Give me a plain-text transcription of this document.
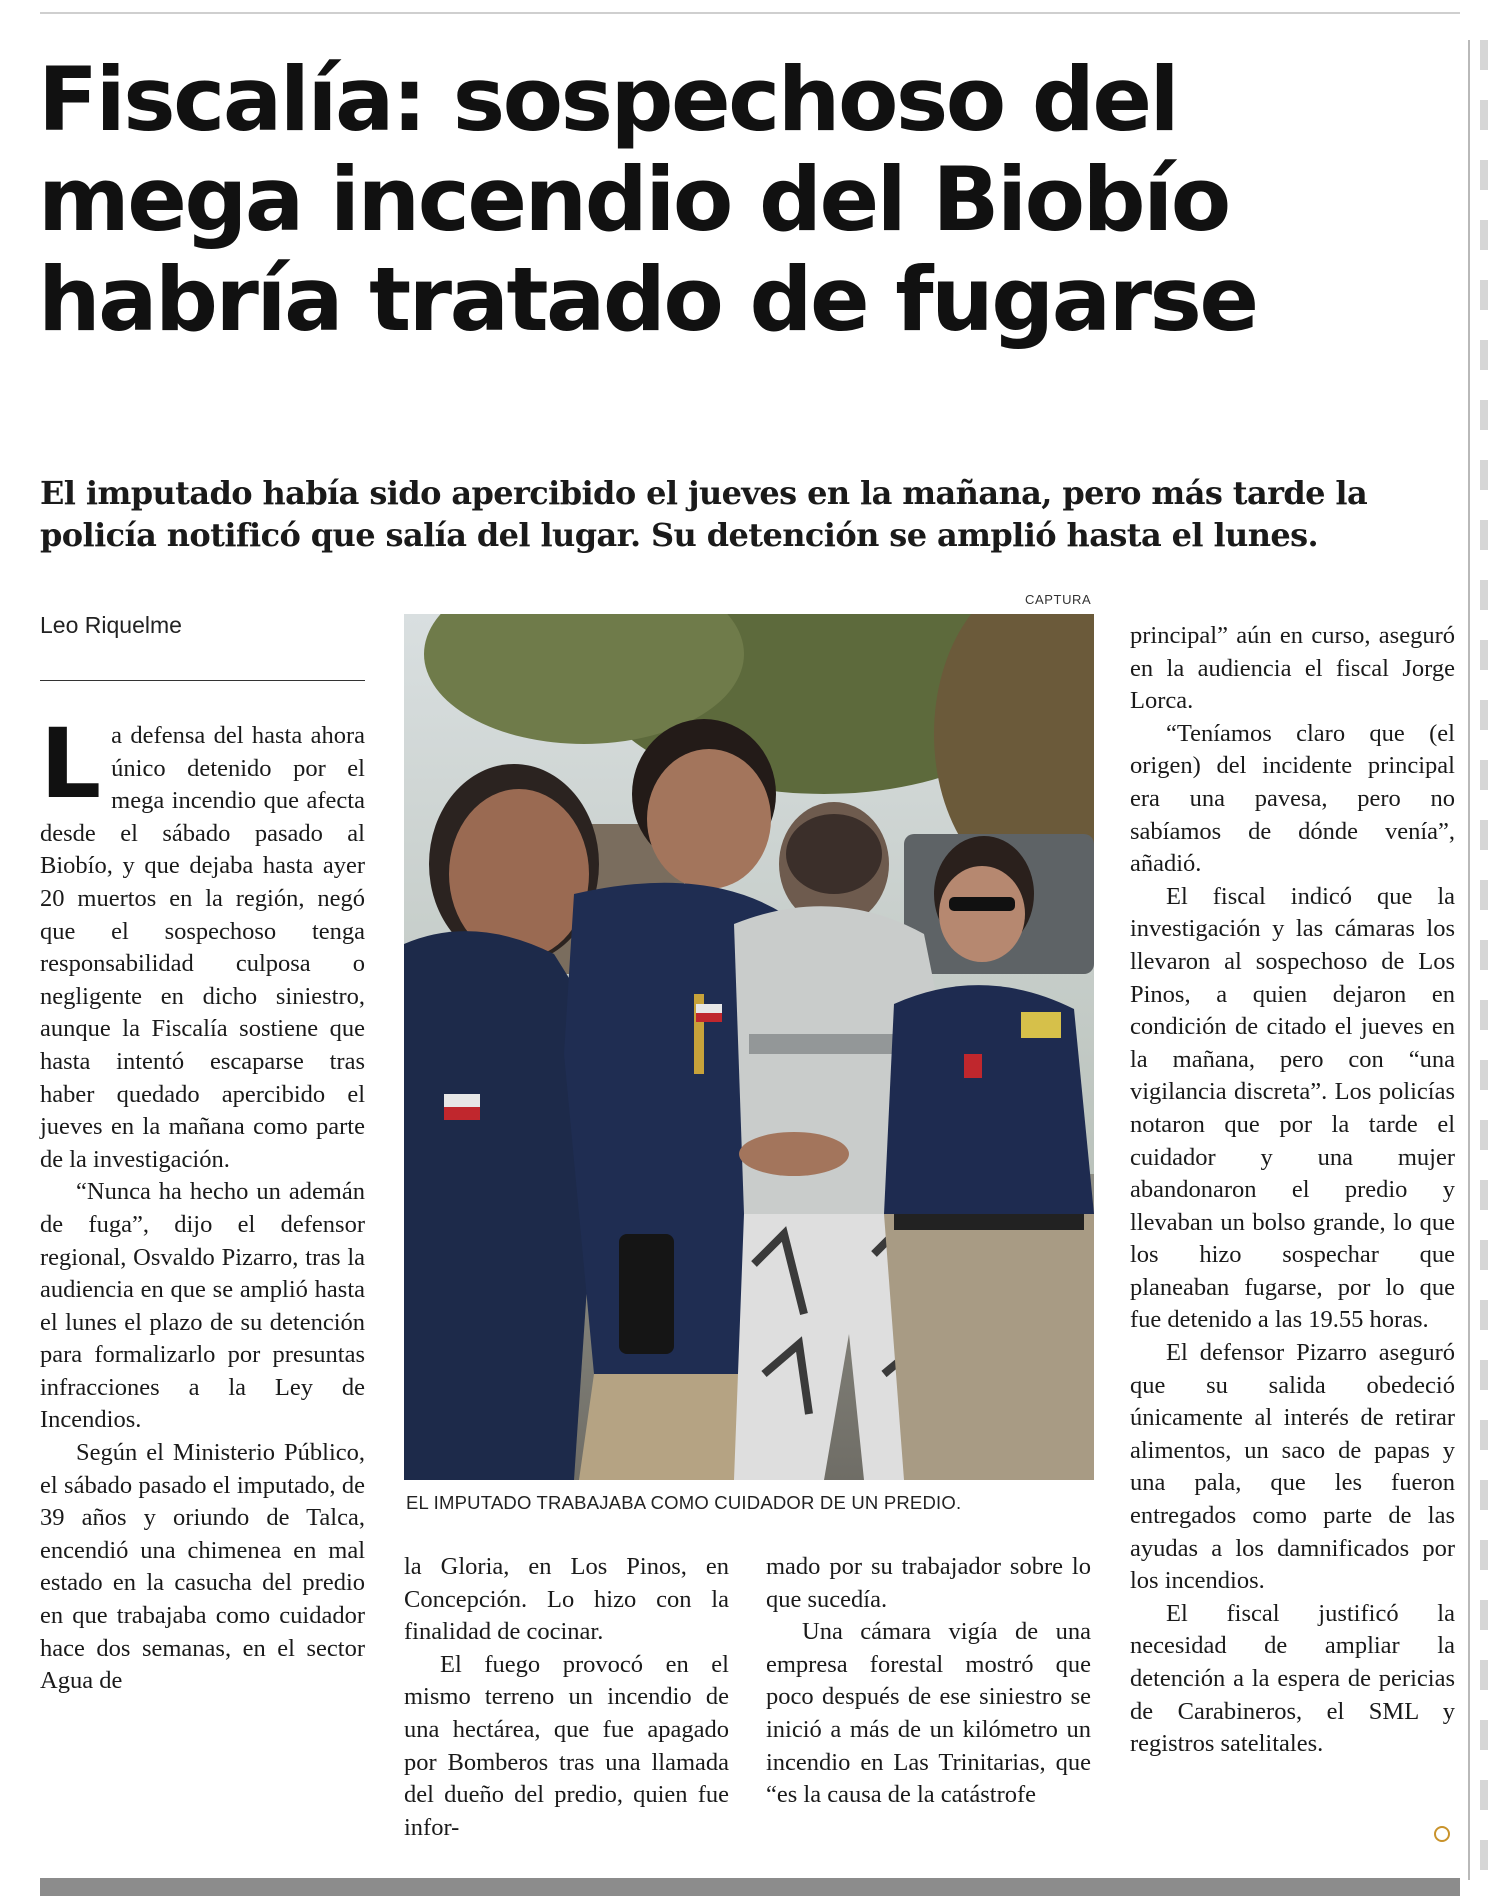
Fiscalía: sospechoso del mega incendio del Biobío habría tratado de fugarse

El imputado había sido apercibido el jueves en la mañana, pero más tarde la policía notificó que salía del lugar. Su detención se amplió hasta el lunes.

Leo Riquelme

La defensa del hasta ahora único detenido por el mega incendio que afecta desde el sábado pasado al Biobío, y que dejaba hasta ayer 20 muertos en la región, negó que el sospechoso tenga responsabilidad culposa o negligente en dicho siniestro, aunque la Fiscalía sostiene que hasta intentó escaparse tras haber quedado apercibido el jueves en la mañana como parte de la investigación.

“Nunca ha hecho un ademán de fuga”, dijo el defensor regional, Osvaldo Pizarro, tras la audiencia en que se amplió hasta el lunes el plazo de su detención para formalizarlo por presuntas infracciones a la Ley de Incendios.

Según el Ministerio Público, el sábado pasado el imputado, de 39 años y oriundo de Talca, encendió una chimenea en mal estado en la casucha del predio en que trabajaba como cuidador hace dos semanas, en el sector Agua de

CAPTURA
EL IMPUTADO TRABAJABA COMO CUIDADOR DE UN PREDIO.

la Gloria, en Los Pinos, en Concepción. Lo hizo con la finalidad de cocinar.

El fuego provocó en el mismo terreno un incendio de una hectárea, que fue apagado por Bomberos tras una llamada del dueño del predio, quien fue infor-

mado por su trabajador sobre lo que sucedía.

Una cámara vigía de una empresa forestal mostró que poco después de ese siniestro se inició a más de un kilómetro un incendio en Las Trinitarias, que “es la causa de la catástrofe

principal” aún en curso, aseguró en la audiencia el fiscal Jorge Lorca.

“Teníamos claro que (el origen) del incidente principal era una pavesa, pero no sabíamos de dónde venía”, añadió.

El fiscal indicó que la investigación y las cámaras los llevaron al sospechoso de Los Pinos, a quien dejaron en condición de citado el jueves en la mañana, pero con “una vigilancia discreta”. Los policías notaron que por la tarde el cuidador y una mujer abandonaron el predio y llevaban un bolso grande, lo que los hizo sospechar que planeaban fugarse, por lo que fue detenido a las 19.55 horas.

El defensor Pizarro aseguró que su salida obedeció únicamente al interés de retirar alimentos, un saco de papas y una pala, que les fueron entregados como parte de las ayudas a los damnificados por los incendios.

El fiscal justificó la necesidad de ampliar la detención a la espera de pericias de Carabineros, el SML y registros satelitales.
